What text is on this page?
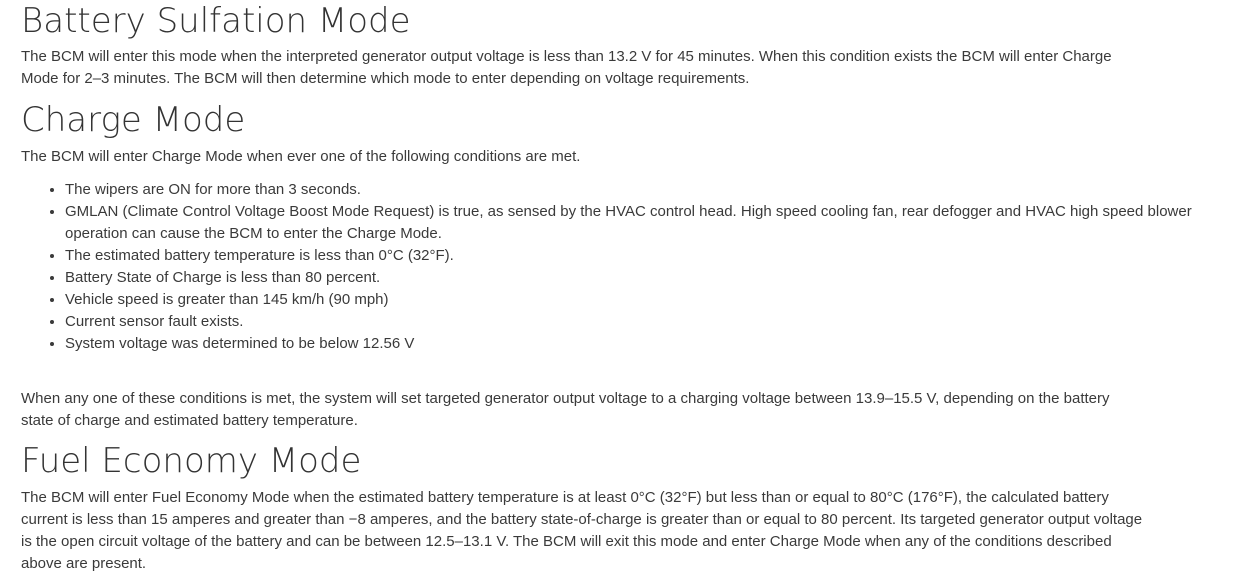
Battery Sulfation Mode

The BCM will enter this mode when the interpreted generator output voltage is less than 13.2 V for 45 minutes. When this condition exists the BCM will enter Charge Mode for 2–3 minutes. The BCM will then determine which mode to enter depending on voltage requirements.

Charge Mode

The BCM will enter Charge Mode when ever one of the following conditions are met.

• The wipers are ON for more than 3 seconds.
• GMLAN (Climate Control Voltage Boost Mode Request) is true, as sensed by the HVAC control head. High speed cooling fan, rear defogger and HVAC high speed blower operation can cause the BCM to enter the Charge Mode.
• The estimated battery temperature is less than 0°C (32°F).
• Battery State of Charge is less than 80 percent.
• Vehicle speed is greater than 145 km/h (90 mph)
• Current sensor fault exists.
• System voltage was determined to be below 12.56 V

When any one of these conditions is met, the system will set targeted generator output voltage to a charging voltage between 13.9–15.5 V, depending on the battery state of charge and estimated battery temperature.

Fuel Economy Mode

The BCM will enter Fuel Economy Mode when the estimated battery temperature is at least 0°C (32°F) but less than or equal to 80°C (176°F), the calculated battery current is less than 15 amperes and greater than −8 amperes, and the battery state-of-charge is greater than or equal to 80 percent. Its targeted generator output voltage is the open circuit voltage of the battery and can be between 12.5–13.1 V. The BCM will exit this mode and enter Charge Mode when any of the conditions described above are present.
